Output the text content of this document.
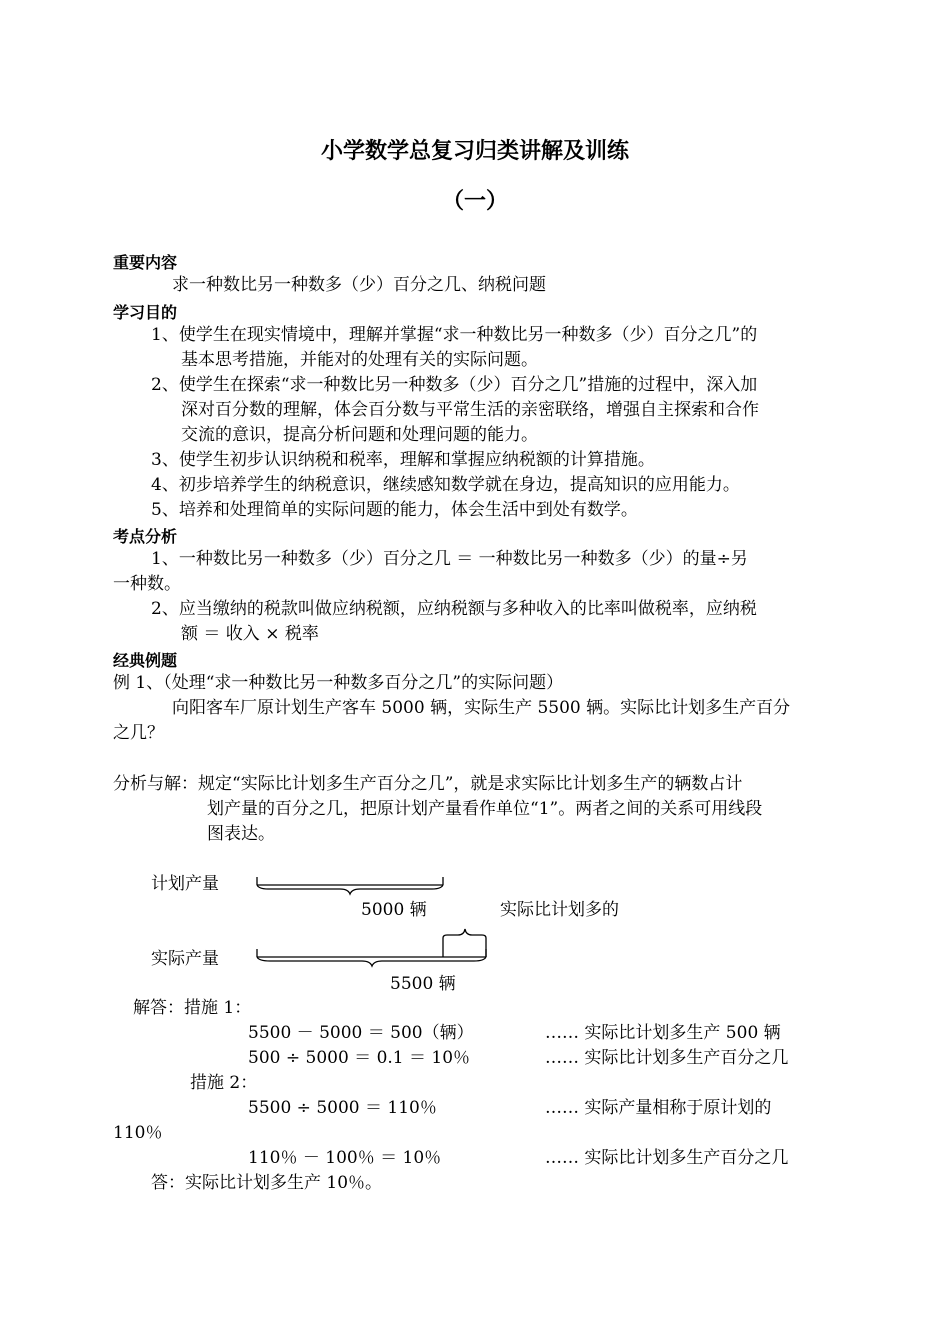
小学数学总复习归类讲解及训练
（一）
重要内容
求一种数比另一种数多（少）百分之几、纳税问题
学习目的
1、使学生在现实情境中，理解并掌握“求一种数比另一种数多（少）百分之几”的
基本思考措施，并能对的处理有关的实际问题。
2、使学生在探索“求一种数比另一种数多（少）百分之几”措施的过程中，深入加
深对百分数的理解，体会百分数与平常生活的亲密联络，增强自主探索和合作
交流的意识，提高分析问题和处理问题的能力。
3、使学生初步认识纳税和税率，理解和掌握应纳税额的计算措施。
4、初步培养学生的纳税意识，继续感知数学就在身边，提高知识的应用能力。
5、培养和处理简单的实际问题的能力，体会生活中到处有数学。
考点分析
1、一种数比另一种数多（少）百分之几 ＝ 一种数比另一种数多（少）的量÷另
一种数。
2、应当缴纳的税款叫做应纳税额，应纳税额与多种收入的比率叫做税率，应纳税
额 ＝ 收入 × 税率
经典例题
例 1、（处理“求一种数比另一种数多百分之几”的实际问题）
向阳客车厂原计划生产客车 5000 辆，实际生产 5500 辆。实际比计划多生产百分
之几？
分析与解：规定“实际比计划多生产百分之几”，就是求实际比计划多生产的辆数占计
划产量的百分之几，把原计划产量看作单位“1”。两者之间的关系可用线段
图表达。
计划产量
5000 辆	实际比计划多的
实际产量
5500 辆
解答：措施 1：
5500 － 5000 ＝ 500（辆）	…… 实际比计划多生产 500 辆
500 ÷ 5000 ＝ 0.1 ＝ 10％	…… 实际比计划多生产百分之几
措施 2：
5500 ÷ 5000 ＝ 110％	…… 实际产量相称于原计划的
110％
110％ － 100％ ＝ 10％	…… 实际比计划多生产百分之几
答：实际比计划多生产 10％。
